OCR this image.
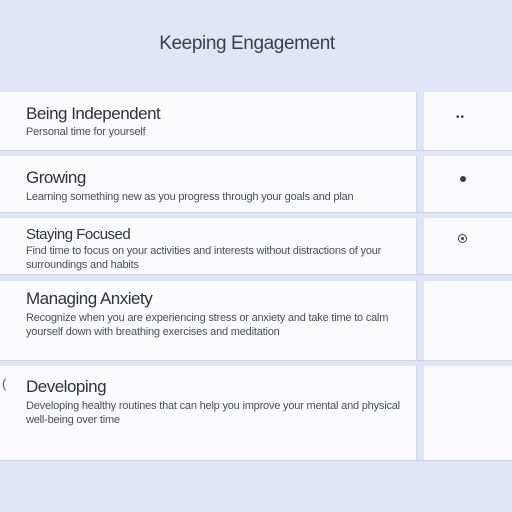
Keeping Engagement
Being Independent
Personal time for yourself
••
Growing
Learning something new as you progress through your goals and plan
Staying Focused
Find time to focus on your activities and interests without distractions of your surroundings and habits
Managing Anxiety
Recognize when you are experiencing stress or anxiety and take time to calm yourself down with breathing exercises and meditation
Developing
Developing healthy routines that can help you improve your mental and physical well-being over time
(
